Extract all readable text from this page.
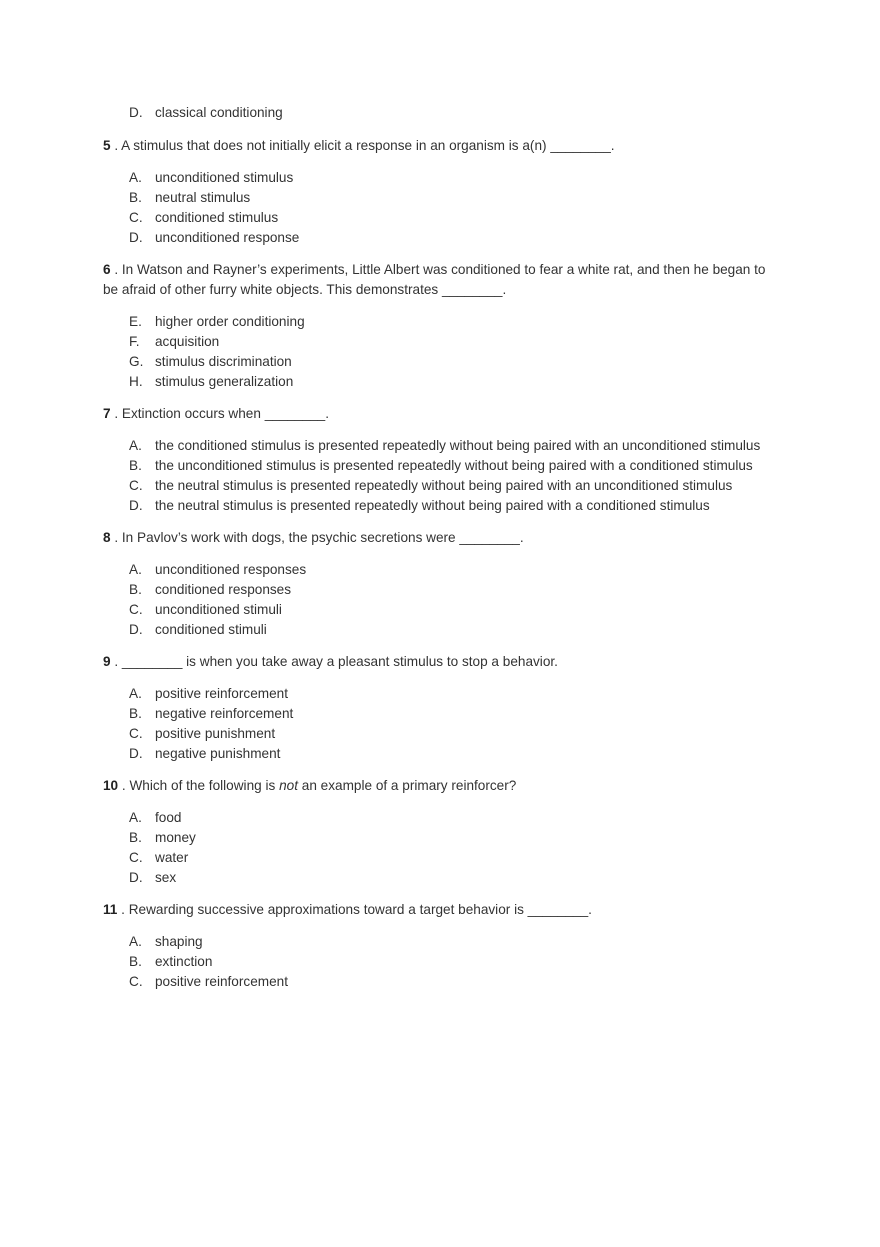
D. classical conditioning

5 . A stimulus that does not initially elicit a response in an organism is a(n) ________.

A. unconditioned stimulus
B. neutral stimulus
C. conditioned stimulus
D. unconditioned response

6 . In Watson and Rayner’s experiments, Little Albert was conditioned to fear a white rat, and then he began to be afraid of other furry white objects. This demonstrates ________.

E. higher order conditioning
F.	acquisition
G. stimulus discrimination
H. stimulus generalization

7 . Extinction occurs when ________.

A. the conditioned stimulus is presented repeatedly without being paired with an unconditioned stimulus
B. the unconditioned stimulus is presented repeatedly without being paired with a conditioned stimulus
C. the neutral stimulus is presented repeatedly without being paired with an unconditioned stimulus
D. the neutral stimulus is presented repeatedly without being paired with a conditioned stimulus

8 . In Pavlov’s work with dogs, the psychic secretions were ________.

A. unconditioned responses
B. conditioned responses
C. unconditioned stimuli
D. conditioned stimuli

9 . ________ is when you take away a pleasant stimulus to stop a behavior.

A. positive reinforcement
B. negative reinforcement
C. positive punishment
D. negative punishment

10 . Which of the following is not an example of a primary reinforcer?

A. food
B. money
C. water
D. sex

11 . Rewarding successive approximations toward a target behavior is ________.

A. shaping
B. extinction
C. positive reinforcement
